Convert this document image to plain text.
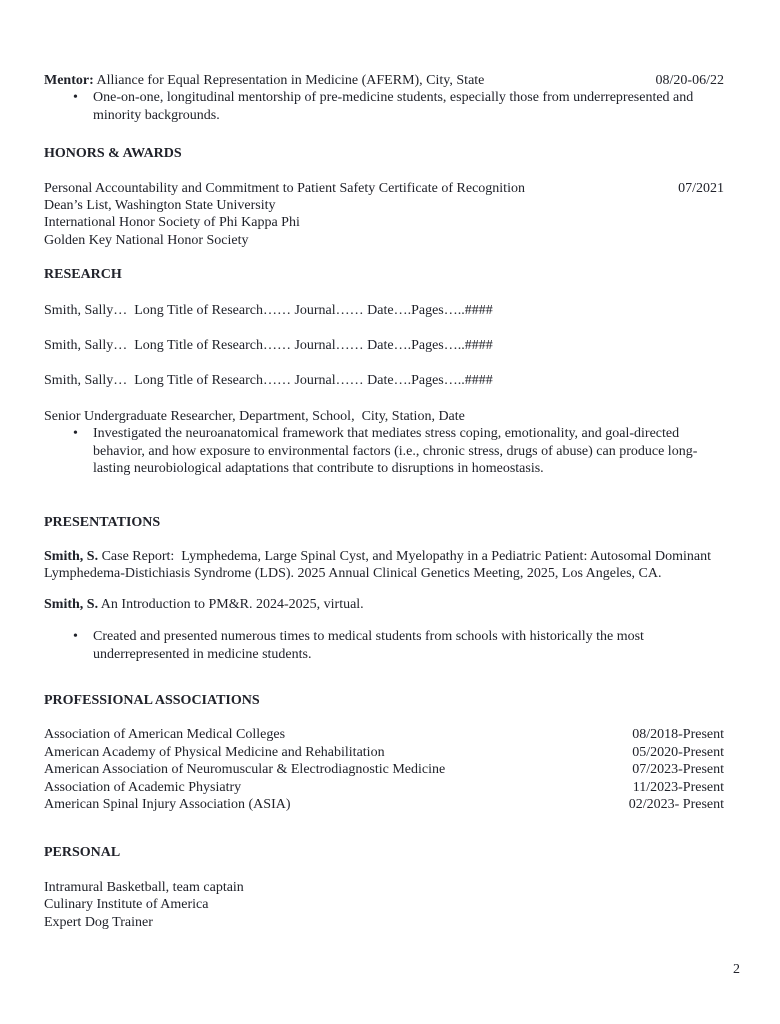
Mentor: Alliance for Equal Representation in Medicine (AFERM), City, State	08/20-06/22

• One-on-one, longitudinal mentorship of pre-medicine students, especially those from underrepresented and minority backgrounds.

HONORS & AWARDS

Personal Accountability and Commitment to Patient Safety Certificate of Recognition	07/2021

Dean’s List, Washington State University

International Honor Society of Phi Kappa Phi

Golden Key National Honor Society

RESEARCH

Smith, Sally…  Long Title of Research…… Journal…… Date….Pages…..####

Smith, Sally…  Long Title of Research…… Journal…… Date….Pages…..####

Smith, Sally…  Long Title of Research…… Journal…… Date….Pages…..####

Senior Undergraduate Researcher, Department, School,  City, Station, Date

• Investigated the neuroanatomical framework that mediates stress coping, emotionality, and goal-directed behavior, and how exposure to environmental factors (i.e., chronic stress, drugs of abuse) can produce long-lasting neurobiological adaptations that contribute to disruptions in homeostasis.

PRESENTATIONS

Smith, S. Case Report:  Lymphedema, Large Spinal Cyst, and Myelopathy in a Pediatric Patient: Autosomal Dominant Lymphedema-Distichiasis Syndrome (LDS). 2025 Annual Clinical Genetics Meeting, 2025, Los Angeles, CA.

Smith, S. An Introduction to PM&R. 2024-2025, virtual.

• Created and presented numerous times to medical students from schools with historically the most underrepresented in medicine students.

PROFESSIONAL ASSOCIATIONS

Association of American Medical Colleges	08/2018-Present
American Academy of Physical Medicine and Rehabilitation	05/2020-Present
American Association of Neuromuscular & Electrodiagnostic Medicine	07/2023-Present
Association of Academic Physiatry	11/2023-Present
American Spinal Injury Association (ASIA)	02/2023- Present

PERSONAL

Intramural Basketball, team captain

Culinary Institute of America

Expert Dog Trainer

2
